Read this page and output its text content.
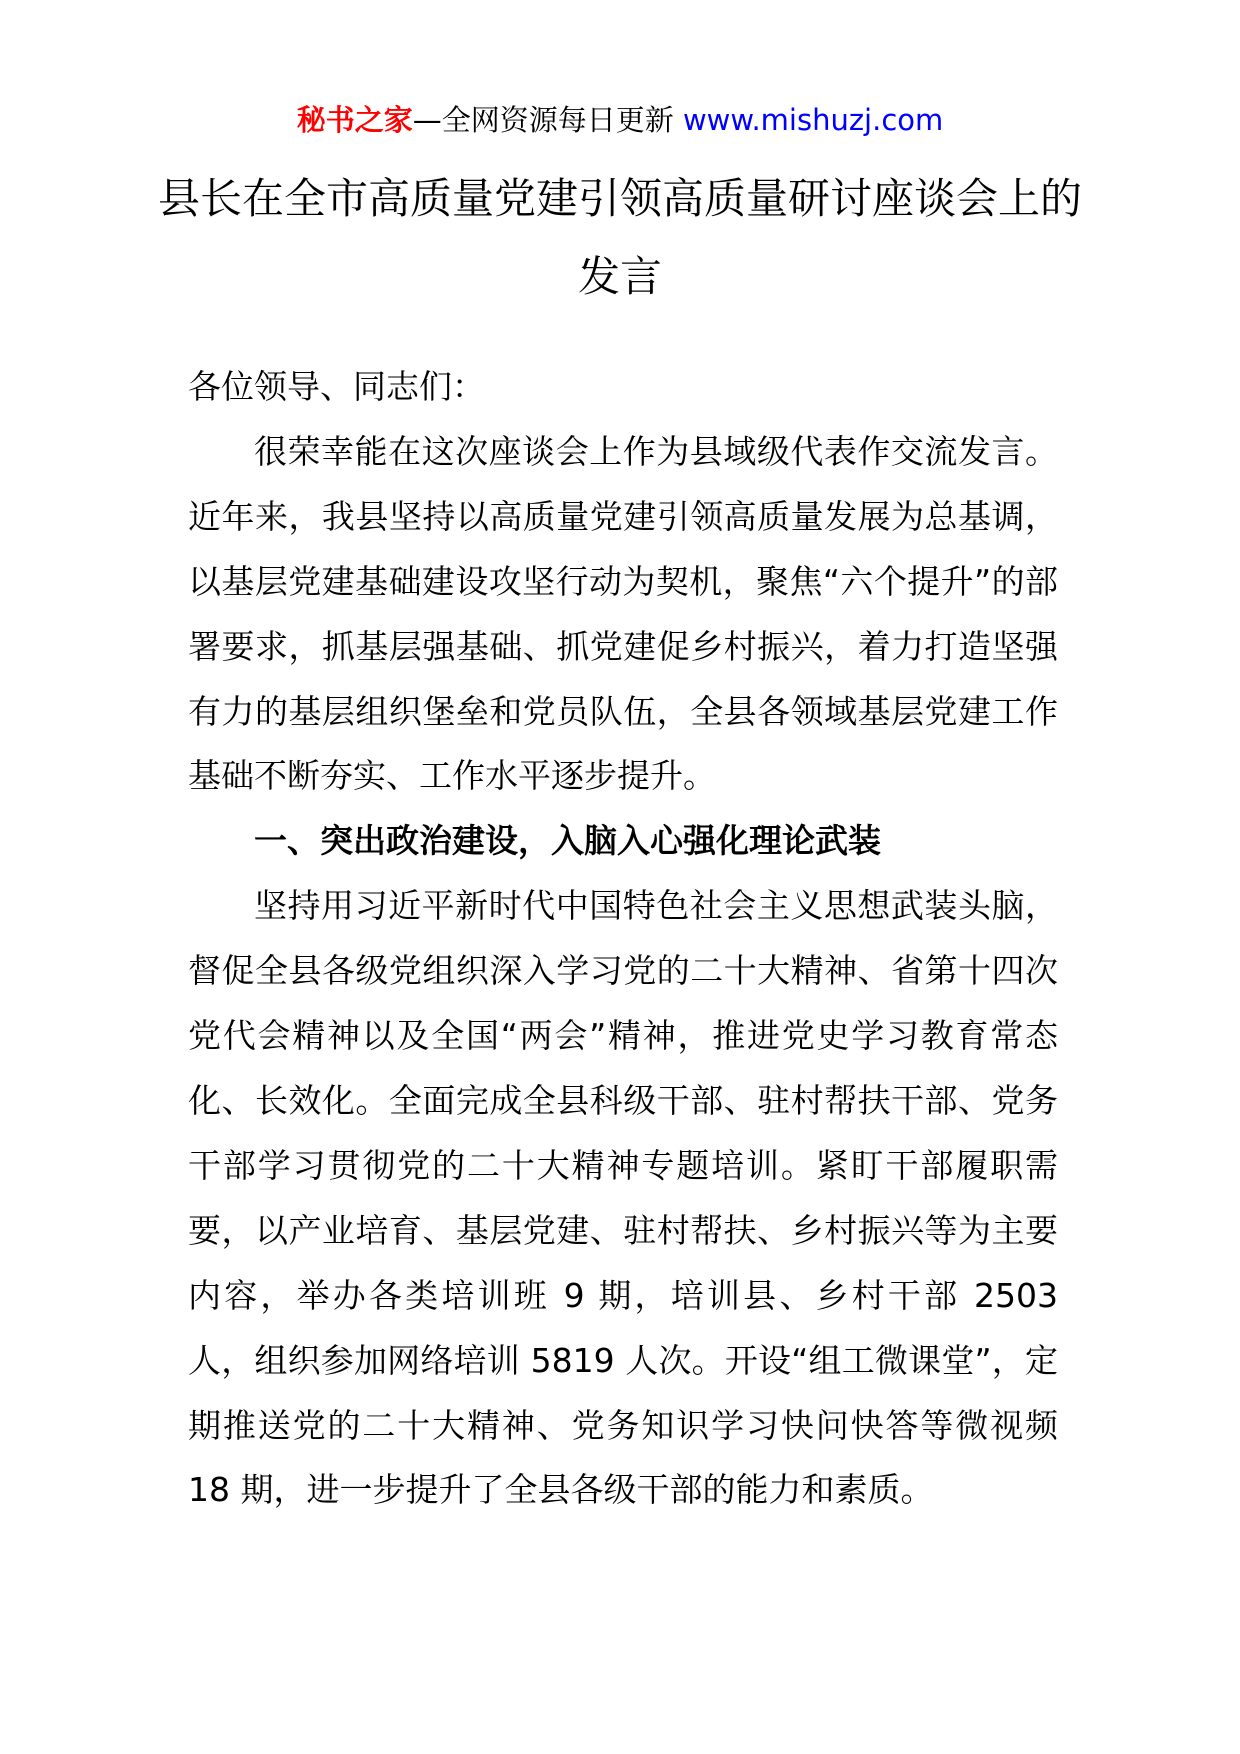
秘书之家—全网资源每日更新 www.mishuzj.com
县长在全市高质量党建引领高质量研讨座谈会上的发言

各位领导、同志们：

很荣幸能在这次座谈会上作为县域级代表作交流发言。近年来，我县坚持以高质量党建引领高质量发展为总基调，以基层党建基础建设攻坚行动为契机，聚焦“六个提升”的部署要求，抓基层强基础、抓党建促乡村振兴，着力打造坚强有力的基层组织堡垒和党员队伍，全县各领域基层党建工作基础不断夯实、工作水平逐步提升。

一、突出政治建设，入脑入心强化理论武装

坚持用习近平新时代中国特色社会主义思想武装头脑，督促全县各级党组织深入学习党的二十大精神、省第十四次党代会精神以及全国“两会”精神，推进党史学习教育常态化、长效化。全面完成全县科级干部、驻村帮扶干部、党务干部学习贯彻党的二十大精神专题培训。紧盯干部履职需要，以产业培育、基层党建、驻村帮扶、乡村振兴等为主要内容，举办各类培训班 9 期，培训县、乡村干部 2503 人，组织参加网络培训 5819 人次。开设“组工微课堂”，定期推送党的二十大精神、党务知识学习快问快答等微视频 18 期，进一步提升了全县各级干部的能力和素质。
